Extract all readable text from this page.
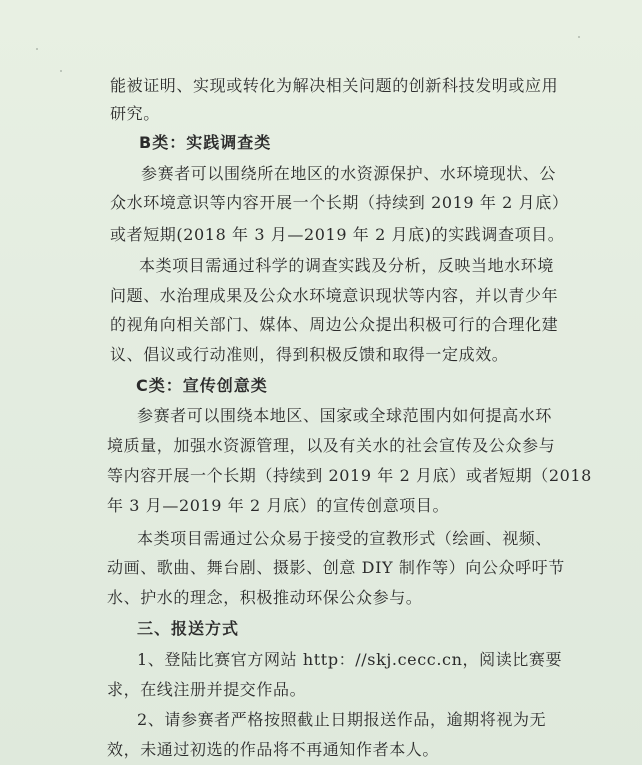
能被证明、实现或转化为解决相关问题的创新科技发明或应用
研究。
B类：实践调查类
参赛者可以围绕所在地区的水资源保护、水环境现状、公
众水环境意识等内容开展一个长期（持续到 2019 年 2 月底）
或者短期(2018 年 3 月—2019 年 2 月底)的实践调查项目。
本类项目需通过科学的调查实践及分析，反映当地水环境
问题、水治理成果及公众水环境意识现状等内容，并以青少年
的视角向相关部门、媒体、周边公众提出积极可行的合理化建
议、倡议或行动准则，得到积极反馈和取得一定成效。
C类：宣传创意类
参赛者可以围绕本地区、国家或全球范围内如何提高水环
境质量，加强水资源管理，以及有关水的社会宣传及公众参与
等内容开展一个长期（持续到 2019 年 2 月底）或者短期（2018
年 3 月—2019 年 2 月底）的宣传创意项目。
本类项目需通过公众易于接受的宣教形式（绘画、视频、
动画、歌曲、舞台剧、摄影、创意 DIY 制作等）向公众呼吁节
水、护水的理念，积极推动环保公众参与。
三、报送方式
1、登陆比赛官方网站 http：//skj.cecc.cn，阅读比赛要
求，在线注册并提交作品。
2、请参赛者严格按照截止日期报送作品，逾期将视为无
效，未通过初选的作品将不再通知作者本人。
